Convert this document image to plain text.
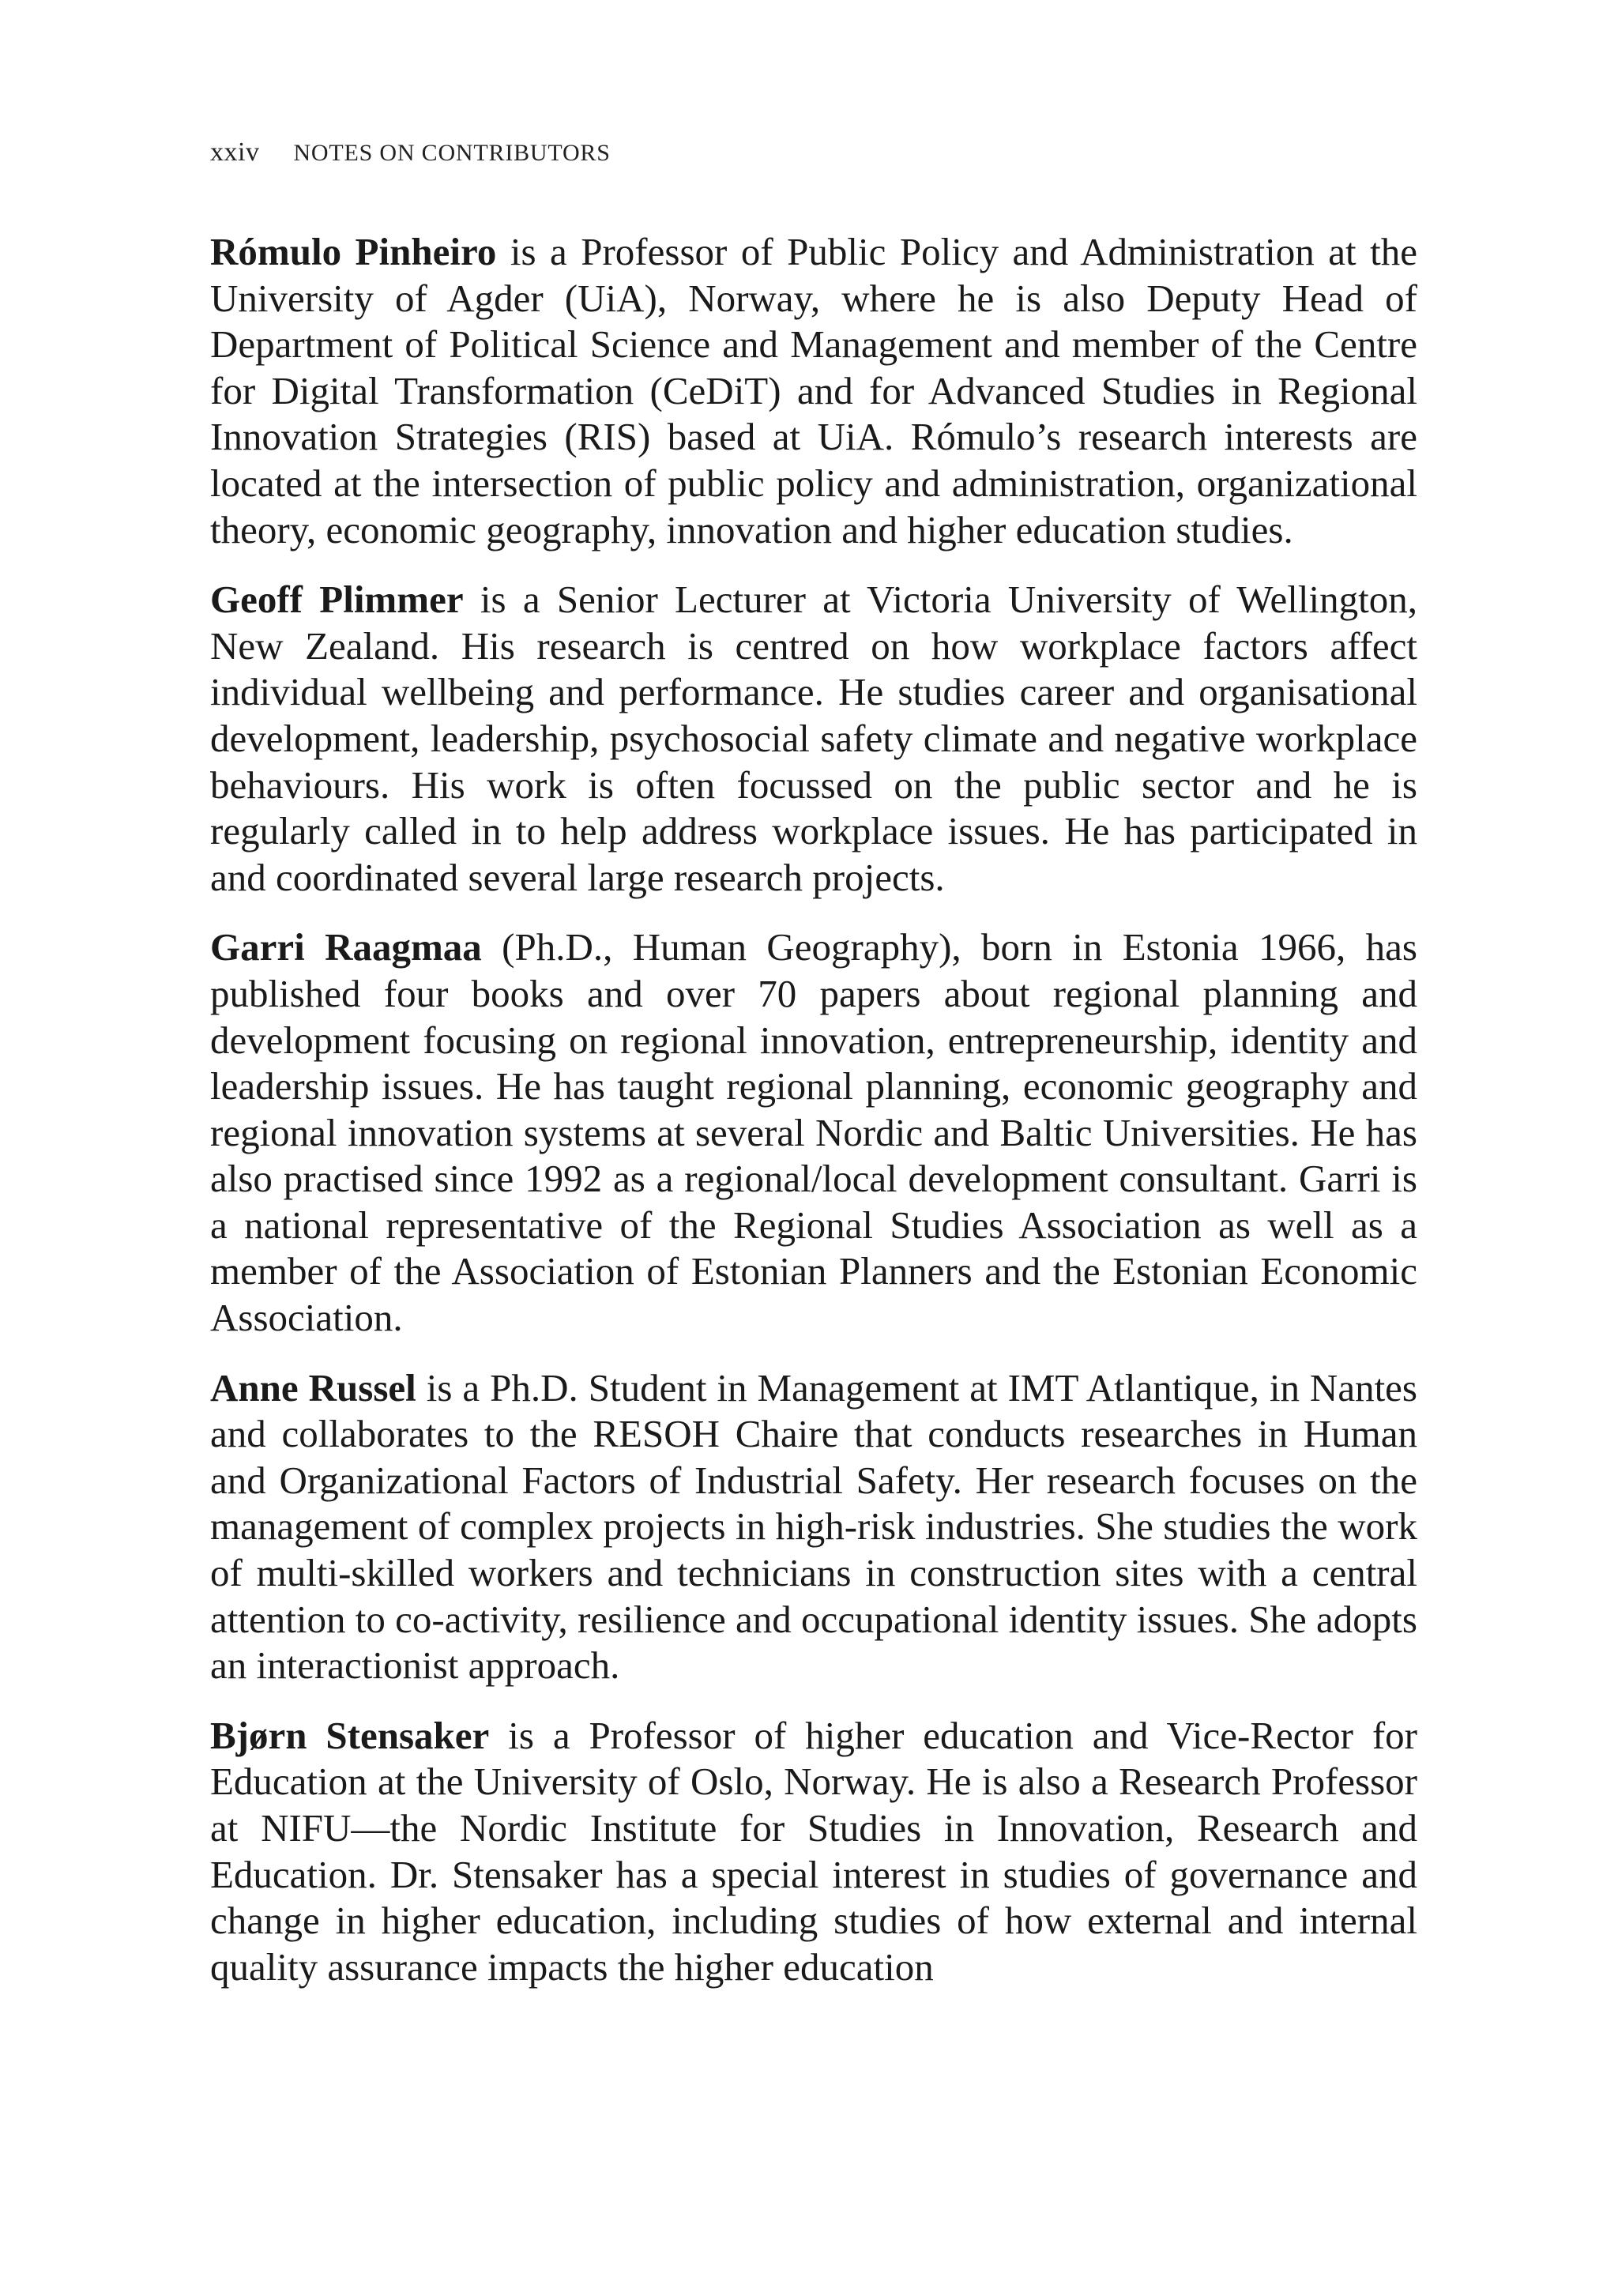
xxiv NOTES ON CONTRIBUTORS

Rómulo Pinheiro is a Professor of Public Policy and Administration at the University of Agder (UiA), Norway, where he is also Deputy Head of Department of Political Science and Management and member of the Centre for Digital Transformation (CeDiT) and for Advanced Studies in Regional Innovation Strategies (RIS) based at UiA. Rómulo’s research interests are located at the intersection of public policy and administration, organizational theory, economic geography, innovation and higher education studies.

Geoff Plimmer is a Senior Lecturer at Victoria University of Wellington, New Zealand. His research is centred on how workplace factors affect individual wellbeing and performance. He studies career and organisational development, leadership, psychosocial safety climate and negative workplace behaviours. His work is often focussed on the public sector and he is regularly called in to help address workplace issues. He has participated in and coordinated several large research projects.

Garri Raagmaa (Ph.D., Human Geography), born in Estonia 1966, has published four books and over 70 papers about regional planning and development focusing on regional innovation, entrepreneurship, identity and leadership issues. He has taught regional planning, economic geography and regional innovation systems at several Nordic and Baltic Universities. He has also practised since 1992 as a regional/local development consultant. Garri is a national representative of the Regional Studies Association as well as a member of the Association of Estonian Planners and the Estonian Economic Association.

Anne Russel is a Ph.D. Student in Management at IMT Atlantique, in Nantes and collaborates to the RESOH Chaire that conducts researches in Human and Organizational Factors of Industrial Safety. Her research focuses on the management of complex projects in high-risk industries. She studies the work of multi-skilled workers and technicians in construction sites with a central attention to co-activity, resilience and occupational identity issues. She adopts an interactionist approach.

Bjørn Stensaker is a Professor of higher education and Vice-Rector for Education at the University of Oslo, Norway. He is also a Research Professor at NIFU—the Nordic Institute for Studies in Innovation, Research and Education. Dr. Stensaker has a special interest in studies of governance and change in higher education, including studies of how external and internal quality assurance impacts the higher education
